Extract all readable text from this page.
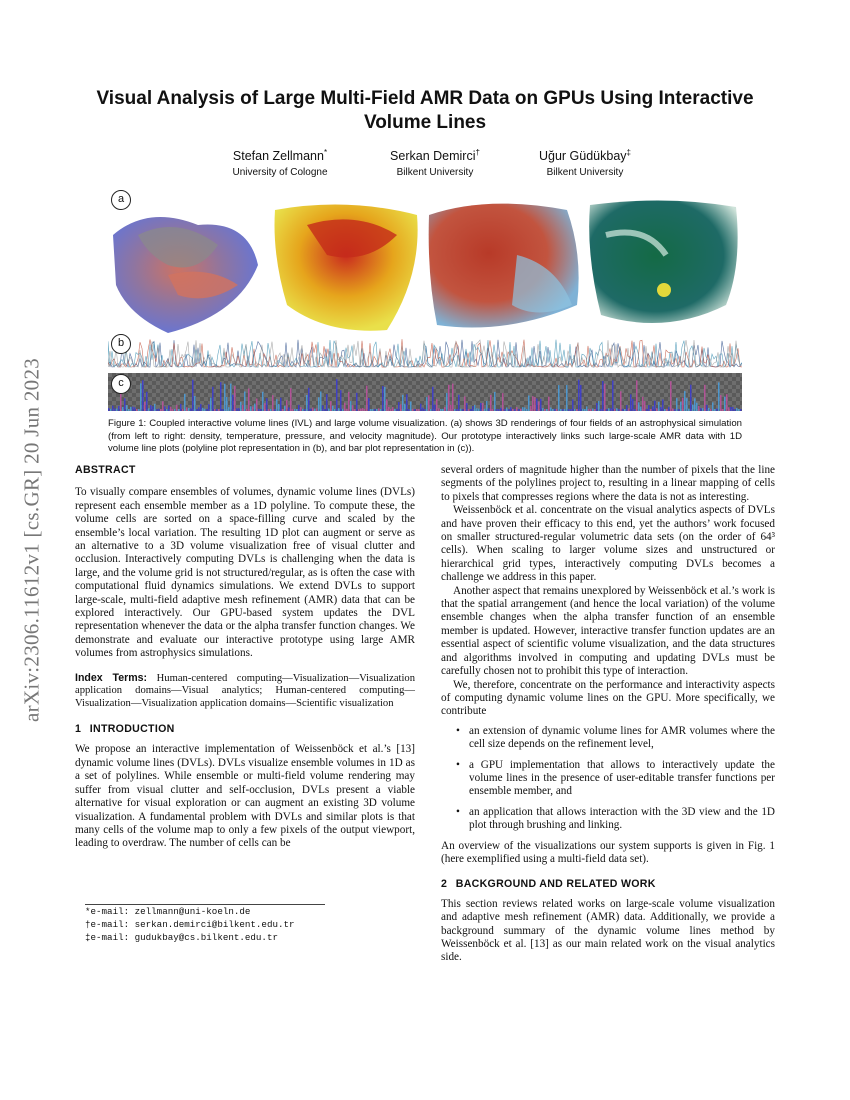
arXiv:2306.11612v1 [cs.GR] 20 Jun 2023
Visual Analysis of Large Multi-Field AMR Data on GPUs Using Interactive Volume Lines
Stefan Zellmann*
University of Cologne
Serkan Demirci†
Bilkent University
Uğur Güdükbay‡
Bilkent University
a
b
c
Figure 1: Coupled interactive volume lines (IVL) and large volume visualization. (a) shows 3D renderings of four fields of an astrophysical simulation (from left to right: density, temperature, pressure, and velocity magnitude). Our prototype interactively links such large-scale AMR data with 1D volume line plots (polyline plot representation in (b), and bar plot representation in (c)).

ABSTRACT

To visually compare ensembles of volumes, dynamic volume lines (DVLs) represent each ensemble member as a 1D polyline. To compute these, the volume cells are sorted on a space-filling curve and scaled by the ensemble’s local variation. The resulting 1D plot can augment or serve as an alternative to a 3D volume visualization free of visual clutter and occlusion. Interactively computing DVLs is challenging when the data is large, and the volume grid is not structured/regular, as is often the case with computational fluid dynamics simulations. We extend DVLs to support large-scale, multi-field adaptive mesh refinement (AMR) data that can be explored interactively. Our GPU-based system updates the DVL representation whenever the data or the alpha transfer function changes. We demonstrate and evaluate our interactive prototype using large AMR volumes from astrophysics simulations.

Index Terms: Human-centered computing—Visualization—Visualization application domains—Visual analytics; Human-centered computing—Visualization—Visualization application domains—Scientific visualization

1 INTRODUCTION

We propose an interactive implementation of Weissenböck et al.’s [13] dynamic volume lines (DVLs). DVLs visualize ensemble volumes in 1D as a set of polylines. While ensemble or multi-field volume rendering may suffer from visual clutter and self-occlusion, DVLs present a viable alternative for visual exploration or can augment an existing 3D volume visualization. A fundamental problem with DVLs and similar plots is that many cells of the volume map to only a few pixels of the output viewport, leading to overdraw. The number of cells can be

*e-mail: zellmann@uni-koeln.de
†e-mail: serkan.demirci@bilkent.edu.tr
‡e-mail: gudukbay@cs.bilkent.edu.tr

several orders of magnitude higher than the number of pixels that the line segments of the polylines project to, resulting in a linear mapping of cells to pixels that compresses regions where the data is not as interesting.

Weissenböck et al. concentrate on the visual analytics aspects of DVLs and have proven their efficacy to this end, yet the authors’ work focused on smaller structured-regular volumetric data sets (on the order of 64³ cells). When scaling to larger volume sizes and unstructured or hierarchical grid types, interactively computing DVLs becomes a challenge we address in this paper.

Another aspect that remains unexplored by Weissenböck et al.’s work is that the spatial arrangement (and hence the local variation) of the volume ensemble changes when the alpha transfer function of an ensemble member is updated. However, interactive transfer function updates are an essential aspect of scientific volume visualization, and the data structures and algorithms involved in computing and updating DVLs must be carefully chosen not to prohibit this type of interaction.

We, therefore, concentrate on the performance and interactivity aspects of computing dynamic volume lines on the GPU. More specifically, we contribute

• an extension of dynamic volume lines for AMR volumes where the cell size depends on the refinement level,
• a GPU implementation that allows to interactively update the volume lines in the presence of user-editable transfer functions per ensemble member, and
• an application that allows interaction with the 3D view and the 1D plot through brushing and linking.

An overview of the visualizations our system supports is given in Fig. 1 (here exemplified using a multi-field data set).

2 BACKGROUND AND RELATED WORK

This section reviews related works on large-scale volume visualization and adaptive mesh refinement (AMR) data. Additionally, we provide a background summary of the dynamic volume lines method by Weissenböck et al. [13] as our main related work on the visual analytics side.
